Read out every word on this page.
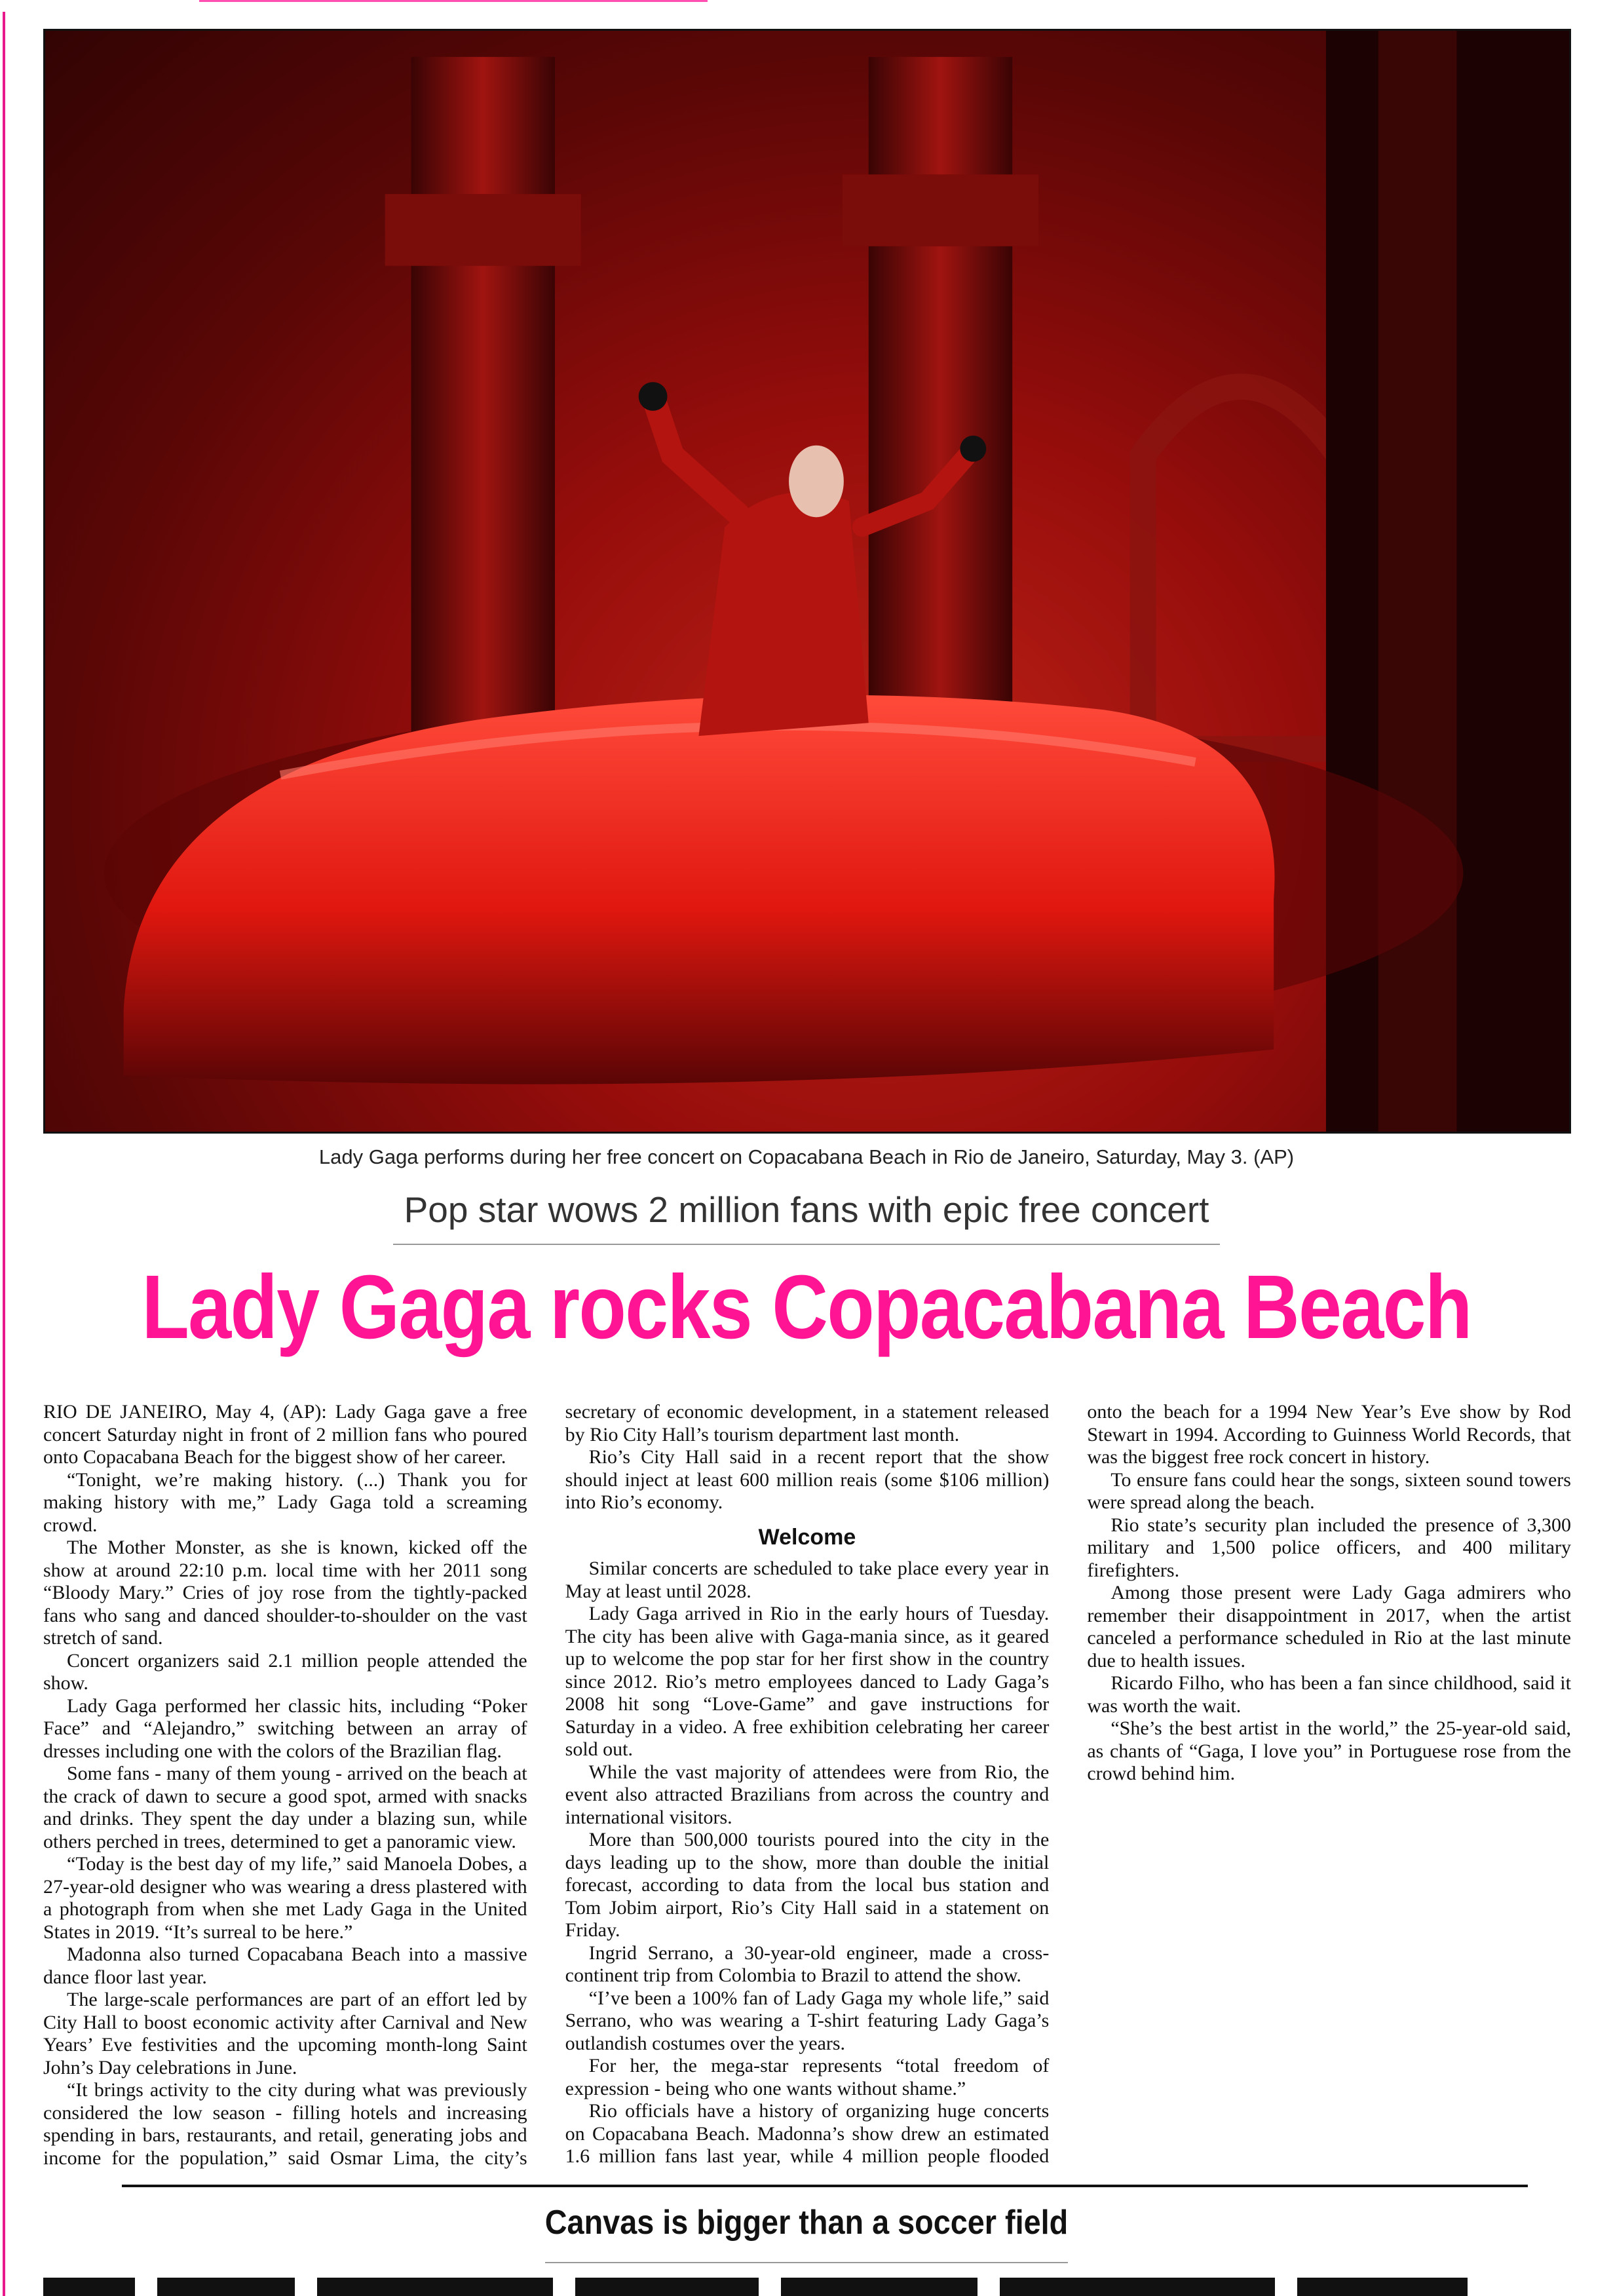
Lady Gaga performs during her free concert on Copacabana Beach in Rio de Janeiro, Saturday, May 3. (AP)
Pop star wows 2 million fans with epic free concert
Lady Gaga rocks Copacabana Beach

RIO DE JANEIRO, May 4, (AP): Lady Gaga gave a free concert Saturday night in front of 2 million fans who poured onto Copacabana Beach for the biggest show of her career.

“Tonight, we’re making history. (...) Thank you for making history with me,” Lady Gaga told a screaming crowd.

The Mother Monster, as she is known, kicked off the show at around 22:10 p.m. local time with her 2011 song “Bloody Mary.” Cries of joy rose from the tightly-packed fans who sang and danced shoulder-to-shoulder on the vast stretch of sand.

Concert organizers said 2.1 million people attended the show.

Lady Gaga performed her classic hits, including “Poker Face” and “Alejandro,” switching between an array of dresses including one with the colors of the Brazilian flag.

Some fans - many of them young - arrived on the beach at the crack of dawn to secure a good spot, armed with snacks and drinks. They spent the day under a blazing sun, while others perched in trees, determined to get a panoramic view.

“Today is the best day of my life,” said Manoela Dobes, a 27-year-old designer who was wearing a dress plastered with a photograph from when she met Lady Gaga in the United States in 2019. “It’s surreal to be here.”

Madonna also turned Copacabana Beach into a massive dance floor last year.

The large-scale performances are part of an effort led by City Hall to boost economic activity after Carnival and New Years’ Eve festivities and the upcoming month-long Saint John’s Day celebrations in June.

“It brings activity to the city during what was previously considered the low season - filling hotels and increasing spending in bars, restaurants, and retail, generating jobs and income for the population,” said Osmar Lima, the city’s secretary of economic development, in a statement released by Rio City Hall’s tourism department last month.

Rio’s City Hall said in a recent report that the show should inject at least 600 million reais (some $106 million) into Rio’s economy.

Welcome

Similar concerts are scheduled to take place every year in May at least until 2028.

Lady Gaga arrived in Rio in the early hours of Tuesday. The city has been alive with Gaga-mania since, as it geared up to welcome the pop star for her first show in the country since 2012. Rio’s metro employees danced to Lady Gaga’s 2008 hit song “Love-Game” and gave instructions for Saturday in a video. A free exhibition celebrating her career sold out.

While the vast majority of attendees were from Rio, the event also attracted Brazilians from across the country and international visitors.

More than 500,000 tourists poured into the city in the days leading up to the show, more than double the initial forecast, according to data from the local bus station and Tom Jobim airport, Rio’s City Hall said in a statement on Friday.

Ingrid Serrano, a 30-year-old engineer, made a cross-continent trip from Colombia to Brazil to attend the show.

“I’ve been a 100% fan of Lady Gaga my whole life,” said Serrano, who was wearing a T-shirt featuring Lady Gaga’s outlandish costumes over the years.

For her, the mega-star represents “total freedom of expression - being who one wants without shame.”

Rio officials have a history of organizing huge concerts on Copacabana Beach. Madonna’s show drew an estimated 1.6 million fans last year, while 4 million people flooded onto the beach for a 1994 New Year’s Eve show by Rod Stewart in 1994. According to Guinness World Records, that was the biggest free rock concert in history.

To ensure fans could hear the songs, sixteen sound towers were spread along the beach.

Rio state’s security plan included the presence of 3,300 military and 1,500 police officers, and 400 military firefighters.

Among those present were Lady Gaga admirers who remember their disappointment in 2017, when the artist canceled a performance scheduled in Rio at the last minute due to health issues.

Ricardo Filho, who has been a fan since childhood, said it was worth the wait.

“She’s the best artist in the world,” the 25-year-old said, as chants of “Gaga, I love you” in Portuguese rose from the crowd behind him.

Canvas is bigger than a soccer field
